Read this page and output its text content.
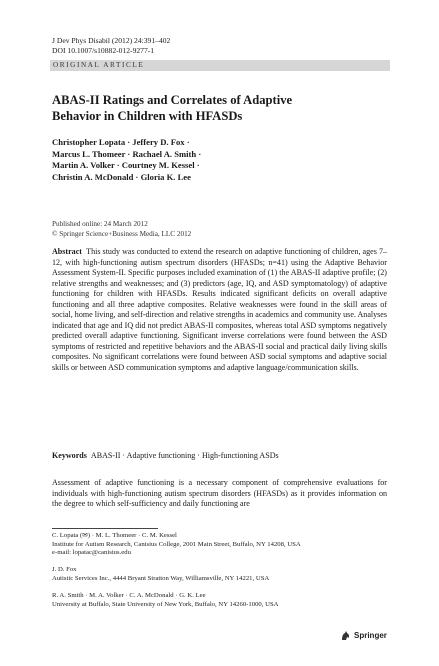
J Dev Phys Disabil (2012) 24:391–402
DOI 10.1007/s10882-012-9277-1
ORIGINAL ARTICLE
ABAS-II Ratings and Correlates of Adaptive
Behavior in Children with HFASDs
Christopher Lopata · Jeffery D. Fox ·
Marcus L. Thomeer · Rachael A. Smith ·
Martin A. Volker · Courtney M. Kessel ·
Christin A. McDonald · Gloria K. Lee
Published online: 24 March 2012
© Springer Science+Business Media, LLC 2012
Abstract This study was conducted to extend the research on adaptive functioning of children, ages 7–12, with high-functioning autism spectrum disorders (HFASDs; n=41) using the Adaptive Behavior Assessment System-II. Specific purposes included examination of (1) the ABAS-II adaptive profile; (2) relative strengths and weaknesses; and (3) predictors (age, IQ, and ASD symptomatology) of adaptive functioning for children with HFASDs. Results indicated significant deficits on overall adaptive functioning and all three adaptive composites. Relative weaknesses were found in the skill areas of social, home living, and self-direction and relative strengths in academics and community use. Analyses indicated that age and IQ did not predict ABAS-II composites, whereas total ASD symptoms negatively predicted overall adaptive functioning. Significant inverse correlations were found between the ASD symptoms of restricted and repetitive behaviors and the ABAS-II social and practical daily living skills composites. No significant correlations were found between ASD social symptoms and adaptive social skills or between ASD communication symptoms and adaptive language/communication skills.
Keywords ABAS-II · Adaptive functioning · High-functioning ASDs
Assessment of adaptive functioning is a necessary component of comprehensive evaluations for individuals with high-functioning autism spectrum disorders (HFASDs) as it provides information on the degree to which self-sufficiency and daily functioning are
C. Lopata (✉) · M. L. Thomeer · C. M. Kessel
Institute for Autism Research, Canisius College, 2001 Main Street, Buffalo, NY 14208, USA
e-mail: lopatac@canisius.edu
J. D. Fox
Autistic Services Inc., 4444 Bryant Stratton Way, Williamsville, NY 14221, USA
R. A. Smith · M. A. Volker · C. A. McDonald · G. K. Lee
University at Buffalo, State University of New York, Buffalo, NY 14260-1000, USA
Springer
